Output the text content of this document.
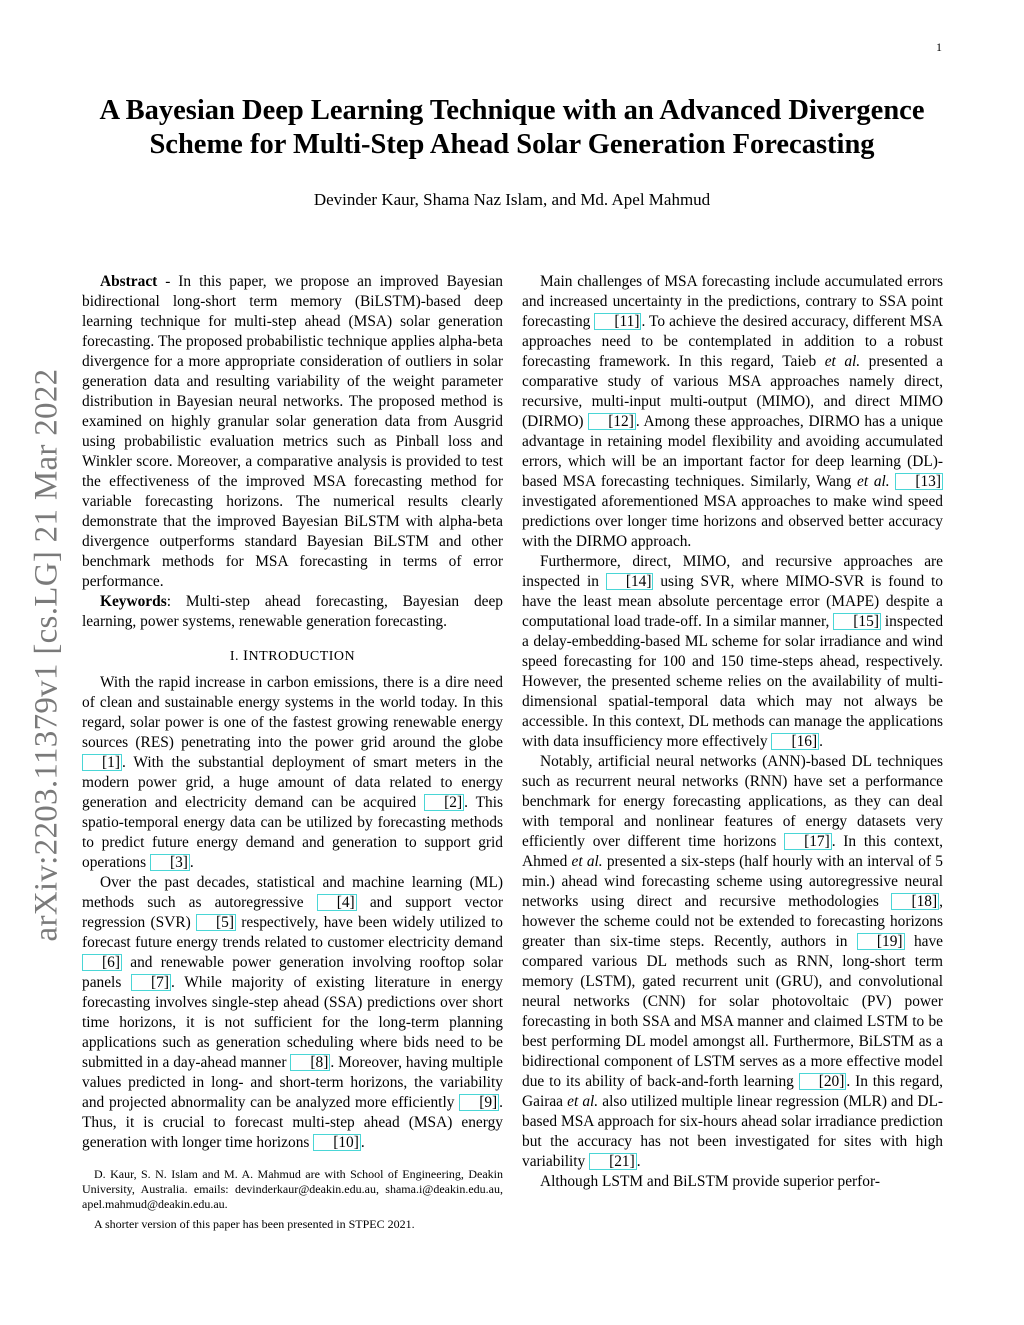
1
arXiv:2203.11379v1 [cs.LG] 21 Mar 2022
A Bayesian Deep Learning Technique with an Advanced Divergence Scheme for Multi-Step Ahead Solar Generation Forecasting
Devinder Kaur, Shama Naz Islam, and Md. Apel Mahmud

Abstract - In this paper, we propose an improved Bayesian bidirectional long-short term memory (BiLSTM)-based deep learning technique for multi-step ahead (MSA) solar generation forecasting. The proposed probabilistic technique applies alpha-beta divergence for a more appropriate consideration of outliers in solar generation data and resulting variability of the weight parameter distribution in Bayesian neural networks. The proposed method is examined on highly granular solar generation data from Ausgrid using probabilistic evaluation metrics such as Pinball loss and Winkler score. Moreover, a comparative analysis is provided to test the effectiveness of the improved MSA forecasting method for variable forecasting horizons. The numerical results clearly demonstrate that the improved Bayesian BiLSTM with alpha-beta divergence outperforms standard Bayesian BiLSTM and other benchmark methods for MSA forecasting in terms of error performance.

Keywords: Multi-step ahead forecasting, Bayesian deep learning, power systems, renewable generation forecasting.

I. INTRODUCTION

With the rapid increase in carbon emissions, there is a dire need of clean and sustainable energy systems in the world today. In this regard, solar power is one of the fastest growing renewable energy sources (RES) penetrating into the power grid around the globe [1] . With the substantial deployment of smart meters in the modern power grid, a huge amount of data related to energy generation and electricity demand can be acquired [2] . This spatio-temporal energy data can be utilized by forecasting methods to predict future energy demand and generation to support grid operations [3] .

Over the past decades, statistical and machine learning (ML) methods such as autoregressive [4] and support vector regression (SVR) [5] respectively, have been widely utilized to forecast future energy trends related to customer electricity demand [6] and renewable power generation involving rooftop solar panels [7] . While majority of existing literature in energy forecasting involves single-step ahead (SSA) predictions over short time horizons, it is not sufficient for the long-term planning applications such as generation scheduling where bids need to be submitted in a day-ahead manner [8] . Moreover, having multiple values predicted in long- and short-term horizons, the variability and projected abnormality can be analyzed more efficiently [9] . Thus, it is crucial to forecast multi-step ahead (MSA) energy generation with longer time horizons [10] .

D. Kaur, S. N. Islam and M. A. Mahmud are with School of Engineering, Deakin University, Australia. emails: devinderkaur@deakin.edu.au, shama.i@deakin.edu.au, apel.mahmud@deakin.edu.au.
A shorter version of this paper has been presented in STPEC 2021.

Main challenges of MSA forecasting include accumulated errors and increased uncertainty in the predictions, contrary to SSA point forecasting [11] . To achieve the desired accuracy, different MSA approaches need to be contemplated in addition to a robust forecasting framework. In this regard, Taieb et al. presented a comparative study of various MSA approaches namely direct, recursive, multi-input multi-output (MIMO), and direct MIMO (DIRMO) [12] . Among these approaches, DIRMO has a unique advantage in retaining model flexibility and avoiding accumulated errors, which will be an important factor for deep learning (DL)-based MSA forecasting techniques. Similarly, Wang et al. [13] investigated aforementioned MSA approaches to make wind speed predictions over longer time horizons and observed better accuracy with the DIRMO approach.

Furthermore, direct, MIMO, and recursive approaches are inspected in [14] using SVR, where MIMO-SVR is found to have the least mean absolute percentage error (MAPE) despite a computational load trade-off. In a similar manner, [15] inspected a delay-embedding-based ML scheme for solar irradiance and wind speed forecasting for 100 and 150 time-steps ahead, respectively. However, the presented scheme relies on the availability of multi-dimensional spatial-temporal data which may not always be accessible. In this context, DL methods can manage the applications with data insufficiency more effectively [16] .

Notably, artificial neural networks (ANN)-based DL techniques such as recurrent neural networks (RNN) have set a performance benchmark for energy forecasting applications, as they can deal with temporal and nonlinear features of energy datasets very efficiently over different time horizons [17] . In this context, Ahmed et al. presented a six-steps (half hourly with an interval of 5 min.) ahead wind forecasting scheme using autoregressive neural networks using direct and recursive methodologies [18] , however the scheme could not be extended to forecasting horizons greater than six-time steps. Recently, authors in [19] have compared various DL methods such as RNN, long-short term memory (LSTM), gated recurrent unit (GRU), and convolutional neural networks (CNN) for solar photovoltaic (PV) power forecasting in both SSA and MSA manner and claimed LSTM to be best performing DL model amongst all. Furthermore, BiLSTM as a bidirectional component of LSTM serves as a more effective model due to its ability of back-and-forth learning [20] . In this regard, Gairaa et al. also utilized multiple linear regression (MLR) and DL-based MSA approach for six-hours ahead solar irradiance prediction but the accuracy has not been investigated for sites with high variability [21] .

Although LSTM and BiLSTM provide superior perfor-
